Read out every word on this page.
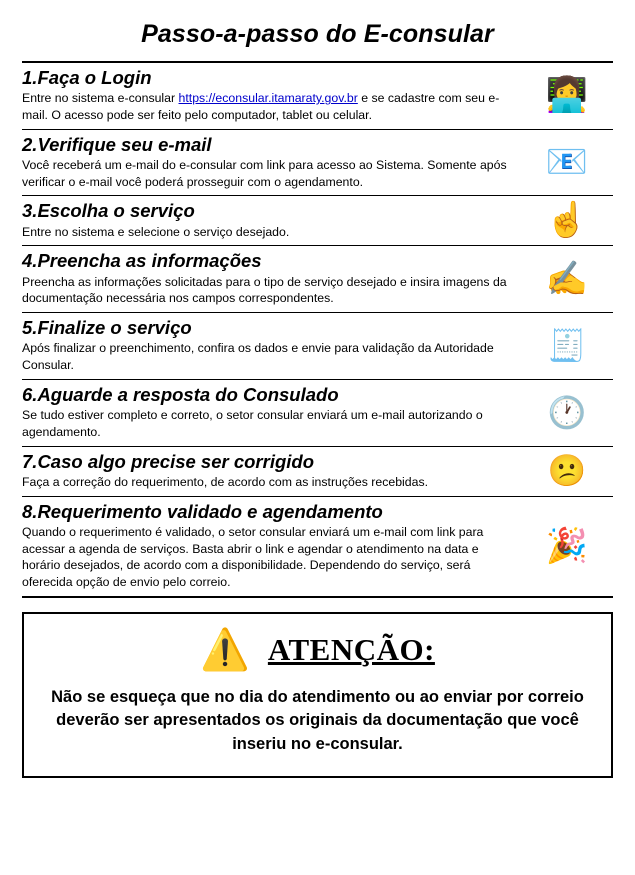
Passo-a-passo do E-consular
1.Faça o Login
Entre no sistema e-consular https://econsular.itamaraty.gov.br e se cadastre com seu e- mail. O acesso pode ser feito pelo computador, tablet ou celular.
👩‍💻
2.Verifique seu e-mail
Você receberá um e-mail do e-consular com link para acesso ao Sistema. Somente após verificar o e-mail você poderá prosseguir com o agendamento.
📧
3.Escolha o serviço
Entre no sistema e selecione o serviço desejado.	☝️
4.Preencha as informações
Preencha as informações solicitadas para o tipo de serviço desejado e insira imagens da documentação necessária nos campos correspondentes.
✍️
5.Finalize o serviço
Após finalizar o preenchimento, confira os dados e envie para validação da Autoridade Consular.
🧾
6.Aguarde a resposta do Consulado
Se tudo estiver completo e correto, o setor consular enviará um e-mail autorizando o agendamento.
🕐
7.Caso algo precise ser corrigido
Faça a correção do requerimento, de acordo com as instruções recebidas.	😕
8.Requerimento validado e agendamento
Quando o requerimento é validado, o setor consular enviará um e-mail com link para acessar a agenda de serviços. Basta abrir o link e agendar o atendimento na data e horário desejados, de acordo com a disponibilidade. Dependendo do serviço, será oferecida opção de envio pelo correio.
🎉
⚠️ ATENÇÃO:
Não se esqueça que no dia do atendimento ou ao enviar por correio deverão ser apresentados os originais da documentação que você inseriu no e-consular.
